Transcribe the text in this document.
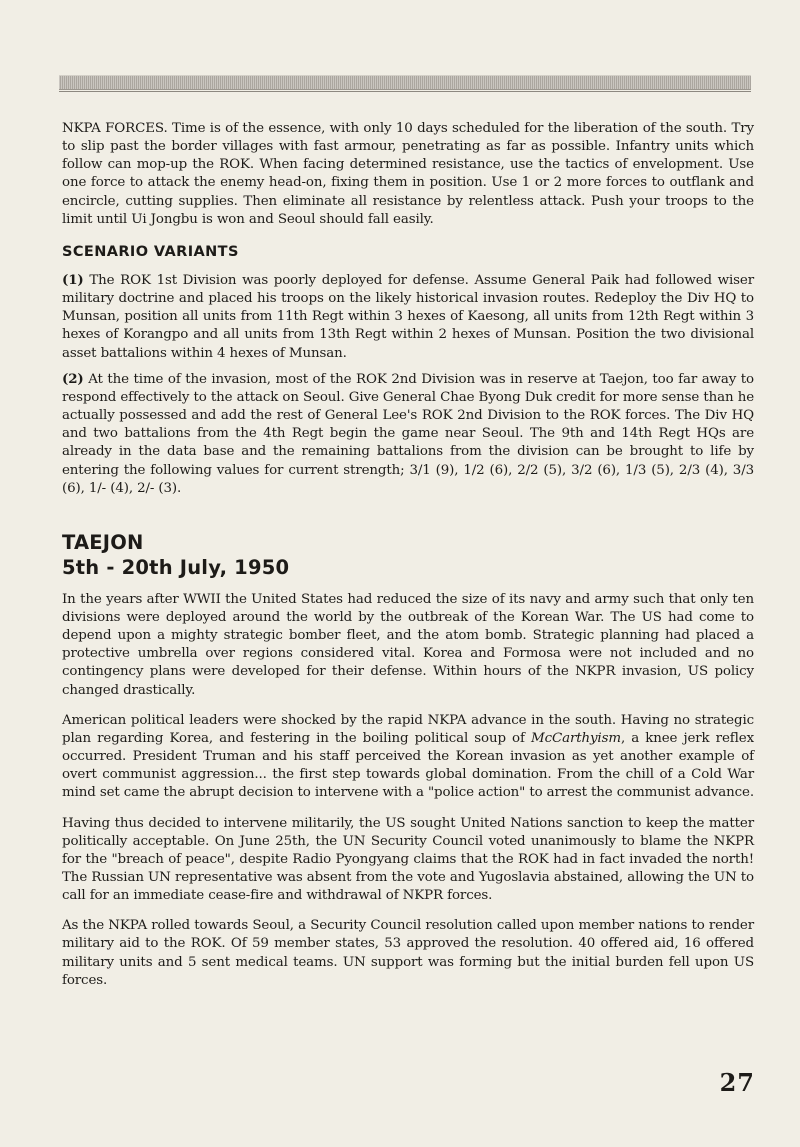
NKPA FORCES. Time is of the essence, with only 10 days scheduled for the liberation of the south. Try to slip past the border villages with fast armour, penetrating as far as possible. Infantry units which follow can mop-up the ROK. When facing determined resistance, use the tactics of envelopment. Use one force to attack the enemy head-on, fixing them in position. Use 1 or 2 more forces to outflank and encircle, cutting supplies. Then eliminate all resistance by relentless attack. Push your troops to the limit until Ui Jongbu is won and Seoul should fall easily.

SCENARIO VARIANTS

(1) The ROK 1st Division was poorly deployed for defense. Assume General Paik had followed wiser military doctrine and placed his troops on the likely historical invasion routes. Redeploy the Div HQ to Munsan, position all units from 11th Regt within 3 hexes of Kaesong, all units from 12th Regt within 3 hexes of Korangpo and all units from 13th Regt within 2 hexes of Munsan. Position the two divisional asset battalions within 4 hexes of Munsan.

(2) At the time of the invasion, most of the ROK 2nd Division was in reserve at Taejon, too far away to respond effectively to the attack on Seoul. Give General Chae Byong Duk credit for more sense than he actually possessed and add the rest of General Lee's ROK 2nd Division to the ROK forces. The Div HQ and two battalions from the 4th Regt begin the game near Seoul. The 9th and 14th Regt HQs are already in the data base and the remaining battalions from the division can be brought to life by entering the following values for current strength; 3/1 (9), 1/2 (6), 2/2 (5), 3/2 (6), 1/3 (5), 2/3 (4), 3/3 (6), 1/- (4), 2/- (3).

TAEJON
5th - 20th July, 1950

In the years after WWII the United States had reduced the size of its navy and army such that only ten divisions were deployed around the world by the outbreak of the Korean War. The US had come to depend upon a mighty strategic bomber fleet, and the atom bomb. Strategic planning had placed a protective umbrella over regions considered vital. Korea and Formosa were not included and no contingency plans were developed for their defense. Within hours of the NKPR invasion, US policy changed drastically.

American political leaders were shocked by the rapid NKPA advance in the south. Having no strategic plan regarding Korea, and festering in the boiling political soup of McCarthyism, a knee jerk reflex occurred. President Truman and his staff perceived the Korean invasion as yet another example of overt communist aggression... the first step towards global domination. From the chill of a Cold War mind set came the abrupt decision to intervene with a "police action" to arrest the communist advance.

Having thus decided to intervene militarily, the US sought United Nations sanction to keep the matter politically acceptable. On June 25th, the UN Security Council voted unanimously to blame the NKPR for the "breach of peace", despite Radio Pyongyang claims that the ROK had in fact invaded the north! The Russian UN representative was absent from the vote and Yugoslavia abstained, allowing the UN to call for an immediate cease-fire and withdrawal of NKPR forces.

As the NKPA rolled towards Seoul, a Security Council resolution called upon member nations to render military aid to the ROK. Of 59 member states, 53 approved the resolution. 40 offered aid, 16 offered military units and 5 sent medical teams. UN support was forming but the initial burden fell upon US forces.

27
